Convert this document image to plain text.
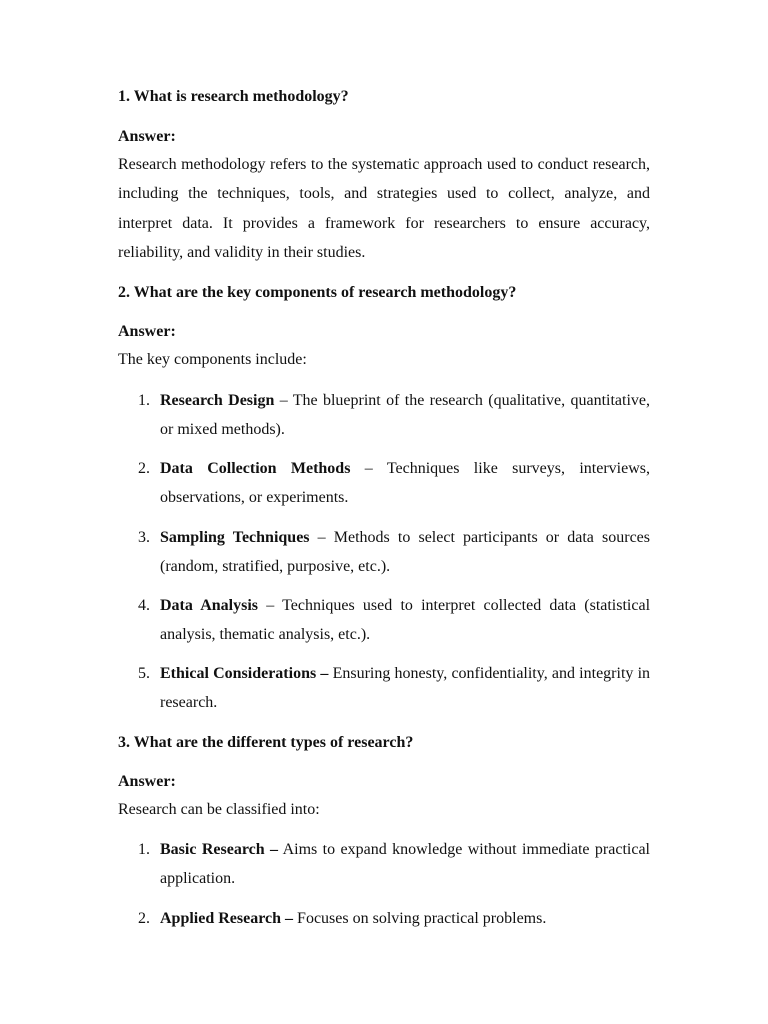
1. What is research methodology?
Answer:
Research methodology refers to the systematic approach used to conduct research, including the techniques, tools, and strategies used to collect, analyze, and interpret data. It provides a framework for researchers to ensure accuracy, reliability, and validity in their studies.
2. What are the key components of research methodology?
Answer:
The key components include:
1. Research Design – The blueprint of the research (qualitative, quantitative, or mixed methods).
2. Data Collection Methods – Techniques like surveys, interviews, observations, or experiments.
3. Sampling Techniques – Methods to select participants or data sources (random, stratified, purposive, etc.).
4. Data Analysis – Techniques used to interpret collected data (statistical analysis, thematic analysis, etc.).
5. Ethical Considerations – Ensuring honesty, confidentiality, and integrity in research.
3. What are the different types of research?
Answer:
Research can be classified into:
1. Basic Research – Aims to expand knowledge without immediate practical application.
2. Applied Research – Focuses on solving practical problems.
